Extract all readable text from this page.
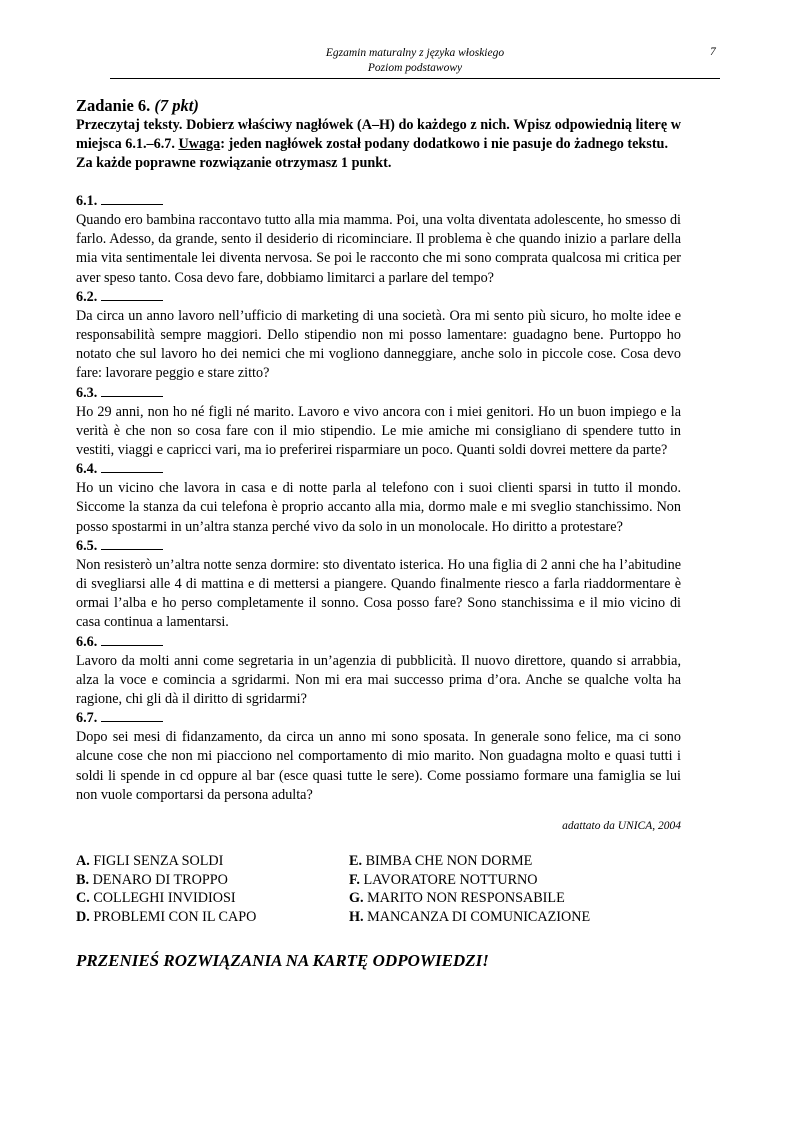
Egzamin maturalny z języka włoskiego
Poziom podstawowy
7
Zadanie 6. (7 pkt)
Przeczytaj teksty. Dobierz właściwy nagłówek (A–H) do każdego z nich. Wpisz odpowiednią literę w miejsca 6.1.–6.7. Uwaga: jeden nagłówek został podany dodatkowo i nie pasuje do żadnego tekstu.
Za każde poprawne rozwiązanie otrzymasz 1 punkt.
6.1.
Quando ero bambina raccontavo tutto alla mia mamma. Poi, una volta diventata adolescente, ho smesso di farlo. Adesso, da grande, sento il desiderio di ricominciare. Il problema è che quando inizio a parlare della mia vita sentimentale lei diventa nervosa. Se poi le racconto che mi sono comprata qualcosa mi critica per aver speso tanto. Cosa devo fare, dobbiamo limitarci a parlare del tempo?
6.2.
Da circa un anno lavoro nell’ufficio di marketing di una società. Ora mi sento più sicuro, ho molte idee e responsabilità sempre maggiori. Dello stipendio non mi posso lamentare: guadagno bene. Purtoppo ho notato che sul lavoro ho dei nemici che mi vogliono danneggiare, anche solo in piccole cose. Cosa devo fare: lavorare peggio e stare zitto?
6.3.
Ho 29 anni, non ho né figli né marito. Lavoro e vivo ancora con i miei genitori. Ho un buon impiego e la verità è che non so cosa fare con il mio stipendio. Le mie amiche mi consigliano di spendere tutto in vestiti, viaggi e capricci vari, ma io preferirei risparmiare un poco. Quanti soldi dovrei mettere da parte?
6.4.
Ho un vicino che lavora in casa e di notte parla al telefono con i suoi clienti sparsi in tutto il mondo. Siccome la stanza da cui telefona è proprio accanto alla mia, dormo male e mi sveglio stanchissimo. Non posso spostarmi in un’altra stanza perché vivo da solo in un monolocale. Ho diritto a protestare?
6.5.
Non resisterò un’altra notte senza dormire: sto diventato isterica. Ho una figlia di 2 anni che ha l’abitudine di svegliarsi alle 4 di mattina e di mettersi a piangere. Quando finalmente riesco a farla riaddormentare è ormai l’alba e ho perso completamente il sonno. Cosa posso fare? Sono stanchissima e il mio vicino di casa continua a lamentarsi.
6.6.
Lavoro da molti anni come segretaria in un’agenzia di pubblicità. Il nuovo direttore, quando si arrabbia, alza la voce e comincia a sgridarmi. Non mi era mai successo prima d’ora. Anche se qualche volta ha ragione, chi gli dà il diritto di sgridarmi?
6.7.
Dopo sei mesi di fidanzamento, da circa un anno mi sono sposata. In generale sono felice, ma ci sono alcune cose che non mi piacciono nel comportamento di mio marito. Non guadagna molto e quasi tutti i soldi li spende in cd oppure al bar (esce quasi tutte le sere). Come possiamo formare una famiglia se lui non vuole comportarsi da persona adulta?
adattato da UNICA, 2004
A. FIGLI SENZA SOLDI
B. DENARO DI TROPPO
C. COLLEGHI INVIDIOSI
D. PROBLEMI CON IL CAPO
E. BIMBA CHE NON DORME
F. LAVORATORE NOTTURNO
G. MARITO NON RESPONSABILE
H. MANCANZA DI COMUNICAZIONE
PRZENIEŚ ROZWIĄZANIA NA KARTĘ ODPOWIEDZI!
